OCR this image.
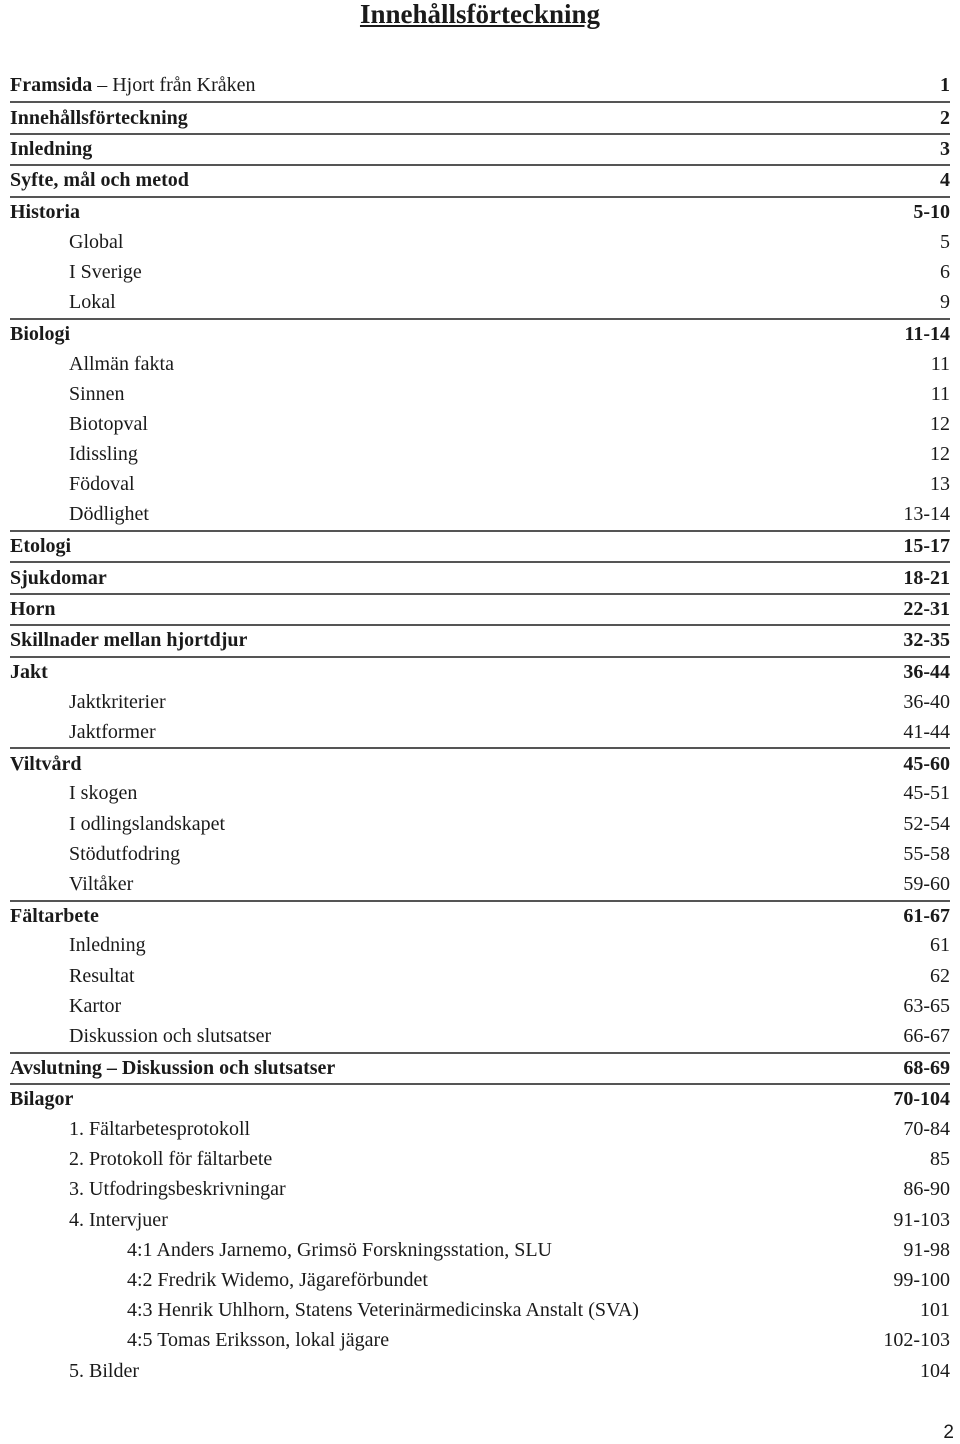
Innehållsförteckning
Framsida – Hjort från Kråken	1
Innehållsförteckning	2
Inledning	3
Syfte, mål och metod	4
Historia	5-10
Global	5
I Sverige	6
Lokal	9
Biologi	11-14
Allmän fakta	11
Sinnen	11
Biotopval	12
Idissling	12
Födoval	13
Dödlighet	13-14
Etologi	15-17
Sjukdomar	18-21
Horn	22-31
Skillnader mellan hjortdjur	32-35
Jakt	36-44
Jaktkriterier	36-40
Jaktformer	41-44
Viltvård	45-60
I skogen	45-51
I odlingslandskapet	52-54
Stödutfodring	55-58
Viltåker	59-60
Fältarbete	61-67
Inledning	61
Resultat	62
Kartor	63-65
Diskussion och slutsatser	66-67
Avslutning – Diskussion och slutsatser	68-69
Bilagor	70-104
1. Fältarbetesprotokoll	70-84
2. Protokoll för fältarbete	85
3. Utfodringsbeskrivningar	86-90
4. Intervjuer	91-103
4:1 Anders Jarnemo, Grimsö Forskningsstation, SLU	91-98
4:2 Fredrik Widemo, Jägareförbundet	99-100
4:3 Henrik Uhlhorn, Statens Veterinärmedicinska Anstalt (SVA)	101
4:5 Tomas Eriksson, lokal jägare	102-103
5. Bilder	104
2
